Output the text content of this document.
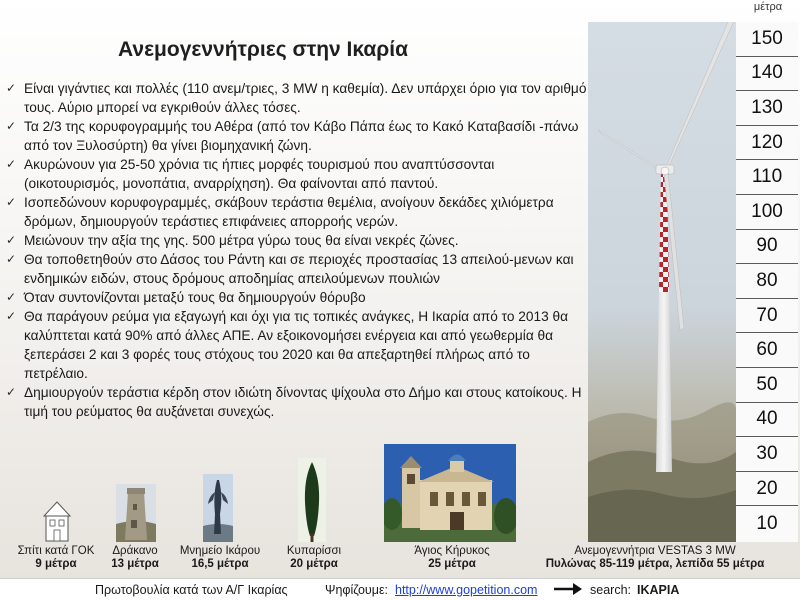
Ανεμογεννήτριες στην Ικαρία
✓ Είναι γιγάντιες και πολλές (110 ανεμ/τριες, 3 MW η καθεμία). Δεν υπάρχει όριο για τον αριθμό τους. Αύριο μπορεί να εγκριθούν άλλες τόσες.
✓ Τα 2/3 της κορυφογραμμής του Αθέρα (από τον Κάβο Πάπα έως το Κακό Καταβασίδι -πάνω από τον Ξυλοσύρτη) θα γίνει βιομηχανική ζώνη.
✓ Ακυρώνουν για 25-50 χρόνια τις ήπιες μορφές τουρισμού που αναπτύσσονται (οικοτουρισμός, μονοπάτια, αναρρίχηση). Θα φαίνονται από παντού.
✓ Ισοπεδώνουν κορυφογραμμές, σκάβουν τεράστια θεμέλια, ανοίγουν δεκάδες χιλιόμετρα δρόμων, δημιουργούν τεράστιες επιφάνειες απορροής νερών.
✓ Μειώνουν την αξία της γης. 500 μέτρα γύρω τους θα είναι νεκρές ζώνες.
✓ Θα τοποθετηθούν στο Δάσος του Ράντη και σε περιοχές προστασίας 13 απειλού-μενων και ενδημικών ειδών, στους δρόμους αποδημίας απειλούμενων πουλιών
✓ Όταν συντονίζονται μεταξύ τους θα δημιουργούν θόρυβο
✓ Θα παράγουν ρεύμα για εξαγωγή και όχι για τις τοπικές ανάγκες, Η Ικαρία από το 2013 θα καλύπτεται κατά 90% από άλλες ΑΠΕ. Αν εξοικονομήσει ενέργεια και από γεωθερμία θα ξεπεράσει 2 και 3 φορές τους στόχους του 2020 και θα απεξαρτηθεί πλήρως από το πετρέλαιο.
✓ Δημιουργούν τεράστια κέρδη στον ιδιώτη δίνοντας ψίχουλα στο Δήμο και στους κατοίκους. Η τιμή του ρεύματος θα αυξάνεται συνεχώς.
μέτρα
150
140
130
120
110
100
90
80
70
60
50
40
30
20
10
Σπίτι κατά ΓΟΚ
9 μέτρα
Δράκανο
13 μέτρα
Μνημείο Ικάρου
16,5 μέτρα
Κυπαρίσσι
20 μέτρα
Άγιος Κήρυκος
25 μέτρα
Ανεμογεννήτρια VESTAS 3 MW
Πυλώνας 85-119 μέτρα, λεπίδα 55 μέτρα
Πρωτοβουλία κατά των Α/Γ Ικαρίας	Ψηφίζουμε: http://www.gopetition.com	search: ΙΚΑΡΙΑ
